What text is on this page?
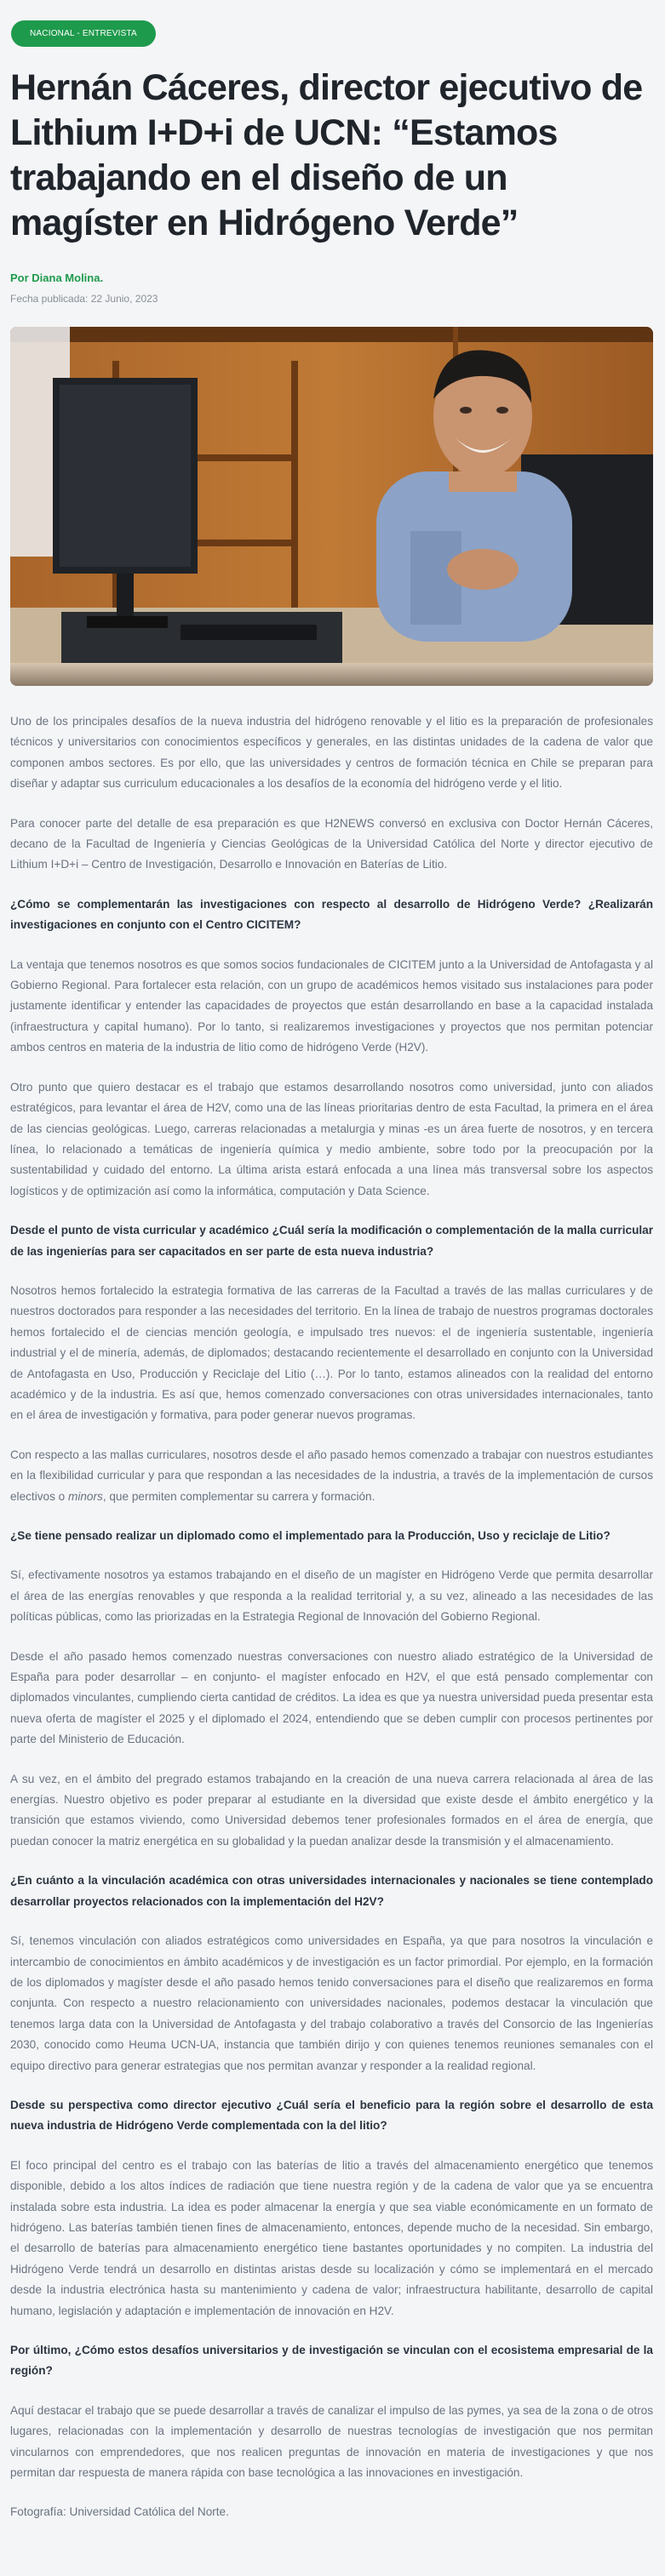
NACIONAL - ENTREVISTA
Hernán Cáceres, director ejecutivo de Lithium I+D+i de UCN: “Estamos trabajando en el diseño de un magíster en Hidrógeno Verde”
Por Diana Molina.
Fecha publicada: 22 Junio, 2023

Uno de los principales desafíos de la nueva industria del hidrógeno renovable y el litio es la preparación de profesionales técnicos y universitarios con conocimientos específicos y generales, en las distintas unidades de la cadena de valor que componen ambos sectores. Es por ello, que las universidades y centros de formación técnica en Chile se preparan para diseñar y adaptar sus curriculum educacionales a los desafíos de la economía del hidrógeno verde y el litio.

Para conocer parte del detalle de esa preparación es que H2NEWS conversó en exclusiva con Doctor Hernán Cáceres, decano de la Facultad de Ingeniería y Ciencias Geológicas de la Universidad Católica del Norte y director ejecutivo de Lithium I+D+i – Centro de Investigación, Desarrollo e Innovación en Baterías de Litio.

¿Cómo se complementarán las investigaciones con respecto al desarrollo de Hidrógeno Verde? ¿Realizarán investigaciones en conjunto con el Centro CICITEM?

La ventaja que tenemos nosotros es que somos socios fundacionales de CICITEM junto a la Universidad de Antofagasta y al Gobierno Regional. Para fortalecer esta relación, con un grupo de académicos hemos visitado sus instalaciones para poder justamente identificar y entender las capacidades de proyectos que están desarrollando en base a la capacidad instalada (infraestructura y capital humano). Por lo tanto, si realizaremos investigaciones y proyectos que nos permitan potenciar ambos centros en materia de la industria de litio como de hidrógeno Verde (H2V).

Otro punto que quiero destacar es el trabajo que estamos desarrollando nosotros como universidad, junto con aliados estratégicos, para levantar el área de H2V, como una de las líneas prioritarias dentro de esta Facultad, la primera en el área de las ciencias geológicas. Luego, carreras relacionadas a metalurgia y minas -es un área fuerte de nosotros, y en tercera línea, lo relacionado a temáticas de ingeniería química y medio ambiente, sobre todo por la preocupación por la sustentabilidad y cuidado del entorno. La última arista estará enfocada a una línea más transversal sobre los aspectos logísticos y de optimización así como la informática, computación y Data Science.

Desde el punto de vista curricular y académico ¿Cuál sería la modificación o complementación de la malla curricular de las ingenierías para ser capacitados en ser parte de esta nueva industria?

Nosotros hemos fortalecido la estrategia formativa de las carreras de la Facultad a través de las mallas curriculares y de nuestros doctorados para responder a las necesidades del territorio. En la línea de trabajo de nuestros programas doctorales hemos fortalecido el de ciencias mención geología, e impulsado tres nuevos: el de ingeniería sustentable, ingeniería industrial y el de minería, además, de diplomados; destacando recientemente el desarrollado en conjunto con la Universidad de Antofagasta en Uso, Producción y Reciclaje del Litio (…). Por lo tanto, estamos alineados con la realidad del entorno académico y de la industria. Es así que, hemos comenzado conversaciones con otras universidades internacionales, tanto en el área de investigación y formativa, para poder generar nuevos programas.

Con respecto a las mallas curriculares, nosotros desde el año pasado hemos comenzado a trabajar con nuestros estudiantes en la flexibilidad curricular y para que respondan a las necesidades de la industria, a través de la implementación de cursos electivos o minors, que permiten complementar su carrera y formación.

¿Se tiene pensado realizar un diplomado como el implementado para la Producción, Uso y reciclaje de Litio?

Sí, efectivamente nosotros ya estamos trabajando en el diseño de un magíster en Hidrógeno Verde que permita desarrollar el área de las energías renovables y que responda a la realidad territorial y, a su vez, alineado a las necesidades de las políticas públicas, como las priorizadas en la Estrategia Regional de Innovación del Gobierno Regional.

Desde el año pasado hemos comenzado nuestras conversaciones con nuestro aliado estratégico de la Universidad de España para poder desarrollar – en conjunto- el magíster enfocado en H2V, el que está pensado complementar con diplomados vinculantes, cumpliendo cierta cantidad de créditos. La idea es que ya nuestra universidad pueda presentar esta nueva oferta de magíster el 2025 y el diplomado el 2024, entendiendo que se deben cumplir con procesos pertinentes por parte del Ministerio de Educación.

A su vez, en el ámbito del pregrado estamos trabajando en la creación de una nueva carrera relacionada al área de las energías. Nuestro objetivo es poder preparar al estudiante en la diversidad que existe desde el ámbito energético y la transición que estamos viviendo, como Universidad debemos tener profesionales formados en el área de energía, que puedan conocer la matriz energética en su globalidad y la puedan analizar desde la transmisión y el almacenamiento.

¿En cuánto a la vinculación académica con otras universidades internacionales y nacionales se tiene contemplado desarrollar proyectos relacionados con la implementación del H2V?

Sí, tenemos vinculación con aliados estratégicos como universidades en España, ya que para nosotros la vinculación e intercambio de conocimientos en ámbito académicos y de investigación es un factor primordial. Por ejemplo, en la formación de los diplomados y magíster desde el año pasado hemos tenido conversaciones para el diseño que realizaremos en forma conjunta. Con respecto a nuestro relacionamiento con universidades nacionales, podemos destacar la vinculación que tenemos larga data con la Universidad de Antofagasta y del trabajo colaborativo a través del Consorcio de las Ingenierías 2030, conocido como Heuma UCN-UA, instancia que también dirijo y con quienes tenemos reuniones semanales con el equipo directivo para generar estrategias que nos permitan avanzar y responder a la realidad regional.

Desde su perspectiva como director ejecutivo ¿Cuál sería el beneficio para la región sobre el desarrollo de esta nueva industria de Hidrógeno Verde complementada con la del litio?

El foco principal del centro es el trabajo con las baterías de litio a través del almacenamiento energético que tenemos disponible, debido a los altos índices de radiación que tiene nuestra región y de la cadena de valor que ya se encuentra instalada sobre esta industria. La idea es poder almacenar la energía y que sea viable económicamente en un formato de hidrógeno. Las baterías también tienen fines de almacenamiento, entonces, depende mucho de la necesidad. Sin embargo, el desarrollo de baterías para almacenamiento energético tiene bastantes oportunidades y no compiten. La industria del Hidrógeno Verde tendrá un desarrollo en distintas aristas desde su localización y cómo se implementará en el mercado desde la industria electrónica hasta su mantenimiento y cadena de valor; infraestructura habilitante, desarrollo de capital humano, legislación y adaptación e implementación de innovación en H2V.

Por último, ¿Cómo estos desafíos universitarios y de investigación se vinculan con el ecosistema empresarial de la región?

Aquí destacar el trabajo que se puede desarrollar a través de canalizar el impulso de las pymes, ya sea de la zona o de otros lugares, relacionadas con la implementación y desarrollo de nuestras tecnologías de investigación que nos permitan vincularnos con emprendedores, que nos realicen preguntas de innovación en materia de investigaciones y que nos permitan dar respuesta de manera rápida con base tecnológica a las innovaciones en investigación.

Fotografía: Universidad Católica del Norte.
